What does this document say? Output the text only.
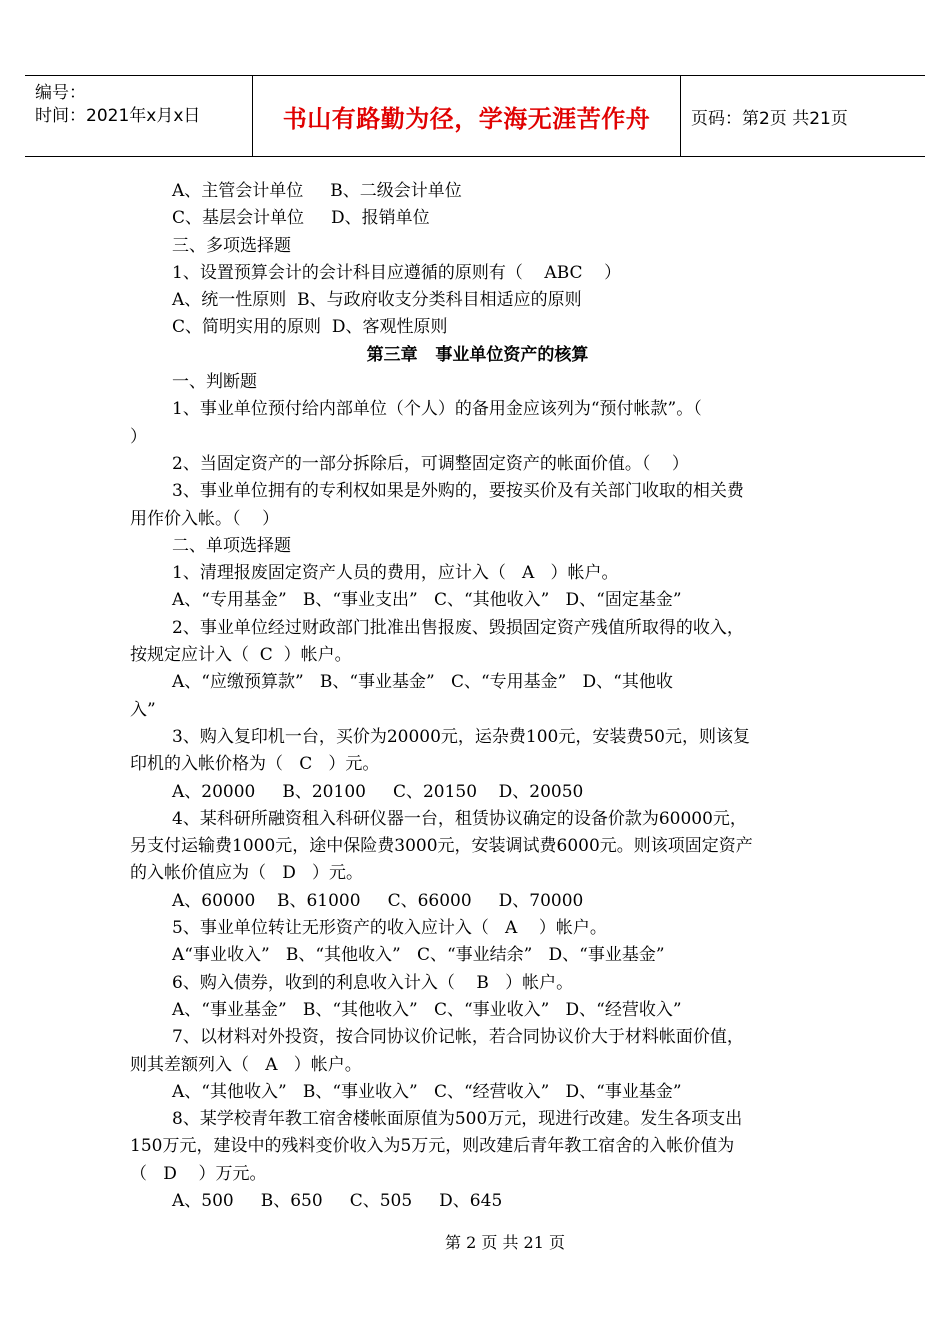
编号：
时间：2021年x月x日	书山有路勤为径，学海无涯苦作舟 页码：第2页 共21页
A、主管会计单位     B、二级会计单位
C、基层会计单位     D、报销单位
三、多项选择题
1、设置预算会计的会计科目应遵循的原则有（    ABC    ）
A、统一性原则  B、与政府收支分类科目相适应的原则
C、简明实用的原则  D、客观性原则
第三章   事业单位资产的核算
一、判断题
1、事业单位预付给内部单位（个人）的备用金应该列为“预付帐款”。（
）
2、当固定资产的一部分拆除后，可调整固定资产的帐面价值。（    ）
3、事业单位拥有的专利权如果是外购的，要按买价及有关部门收取的相关费
用作价入帐。（    ）
二、单项选择题
1、清理报废固定资产人员的费用，应计入（   A   ）帐户。
A、“专用基金”   B、“事业支出”   C、“其他收入”   D、“固定基金”
2、事业单位经过财政部门批准出售报废、毁损固定资产残值所取得的收入，
按规定应计入（  C  ）帐户。
A、“应缴预算款”   B、“事业基金”   C、“专用基金”   D、“其他收
入”
3、购入复印机一台，买价为20000元，运杂费100元，安装费50元，则该复
印机的入帐价格为（   C   ）元。
A、20000     B、20100     C、20150    D、20050
4、某科研所融资租入科研仪器一台，租赁协议确定的设备价款为60000元，
另支付运输费1000元，途中保险费3000元，安装调试费6000元。则该项固定资产
的入帐价值应为（   D   ）元。
A、60000    B、61000     C、66000     D、70000
5、事业单位转让无形资产的收入应计入（   A    ）帐户。
A“事业收入”   B、“其他收入”   C、“事业结余”   D、“事业基金”
6、购入债券，收到的利息收入计入（    B   ）帐户。
A、“事业基金”   B、“其他收入”   C、“事业收入”   D、“经营收入”
7、以材料对外投资，按合同协议价记帐，若合同协议价大于材料帐面价值，
则其差额列入（   A   ）帐户。
A、“其他收入”   B、“事业收入”   C、“经营收入”   D、“事业基金”
8、某学校青年教工宿舍楼帐面原值为500万元，现进行改建。发生各项支出
150万元，建设中的残料变价收入为5万元，则改建后青年教工宿舍的入帐价值为
（   D    ）万元。
A、500     B、650     C、505     D、645
第 2 页 共 21 页
